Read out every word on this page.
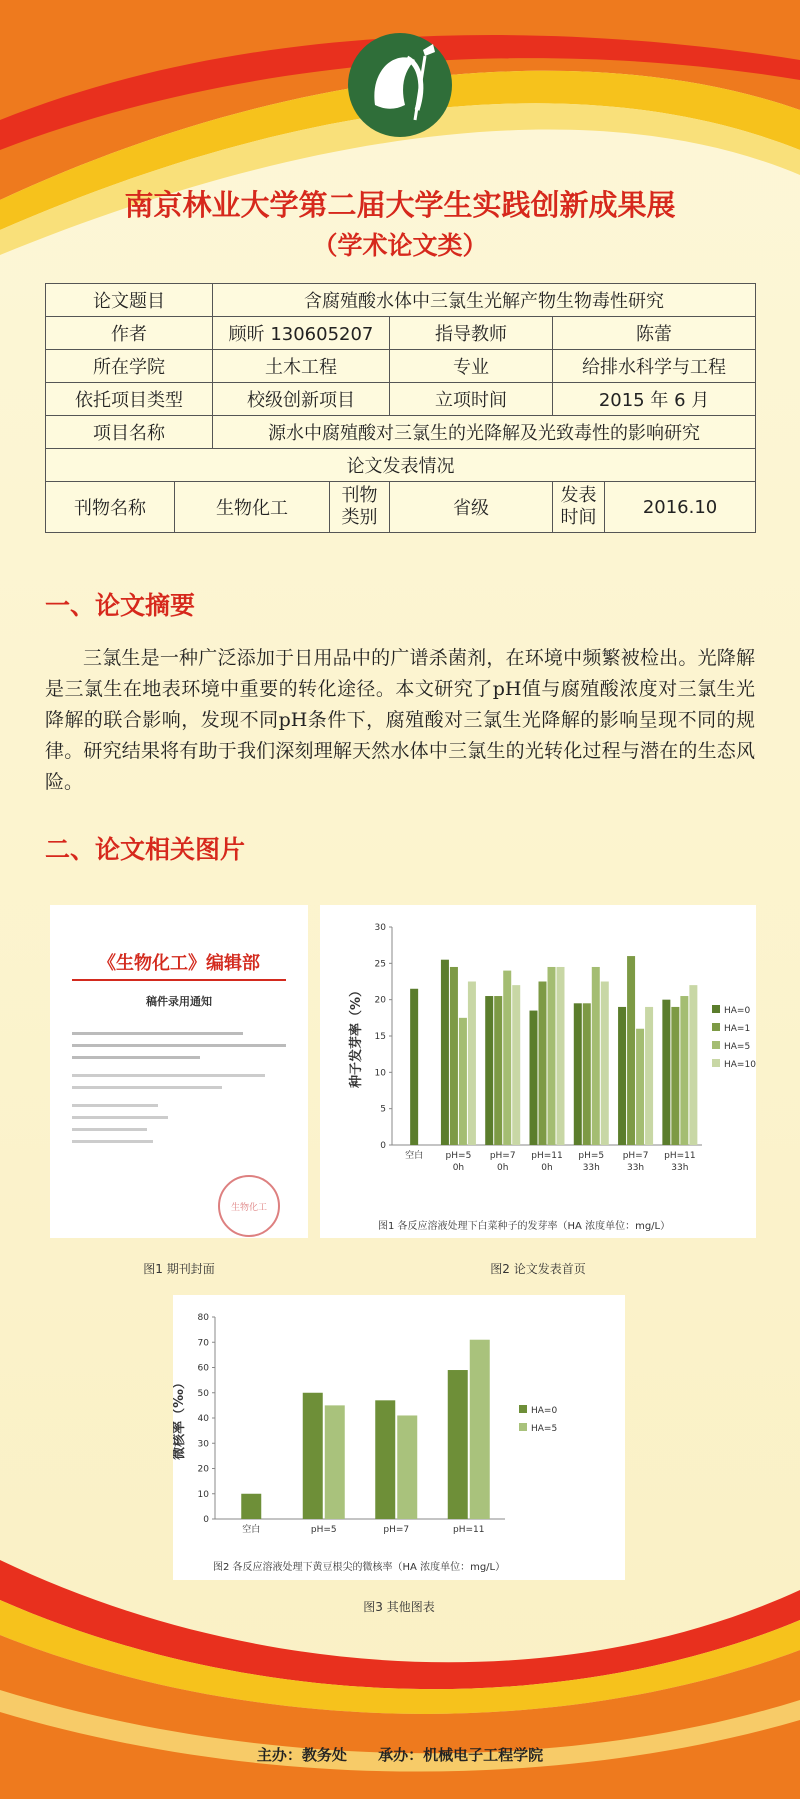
南京林业大学第二届大学生实践创新成果展
（学术论文类）
论文题目		含腐殖酸水体中三氯生光解产物生物毒性研究				
作者		顾昕 130605207		指导教师	陈蕾	
所在学院		土木工程		专业	给排水科学与工程	
依托项目类型		校级创新项目		立项时间	2015 年 6 月	
项目名称		源水中腐殖酸对三氯生的光降解及光致毒性的影响研究				
论文发表情况						
刊物名称	生物化工		刊物类别	省级	发表时间	2016.10
一、论文摘要
三氯生是一种广泛添加于日用品中的广谱杀菌剂，在环境中频繁被检出。光降解是三氯生在地表环境中重要的转化途径。本文研究了pH值与腐殖酸浓度对三氯生光降解的联合影响，发现不同pH条件下，腐殖酸对三氯生光降解的影响呈现不同的规律。研究结果将有助于我们深刻理解天然水体中三氯生的光转化过程与潜在的生态风险。
二、论文相关图片
《生物化工》编辑部
稿件录用通知
生物化工
图1 期刊封面
0
5
10
15
20
25
30
种子发芽率（%）
空白 pH=5
0h
pH=7
0h
pH=11
0h
pH=5
33h
pH=7
33h
pH=11
33h
HA=0
HA=1
HA=5
HA=10
图1 各反应溶液处理下白菜种子的发芽率（HA 浓度单位：mg/L）
图2 论文发表首页
0
10
20
30
40
50
60
70
80
微核率（‰）
空白	pH=5	pH=7	pH=11
HA=0
HA=5
图2 各反应溶液处理下黄豆根尖的微核率（HA 浓度单位：mg/L）
图3 其他图表
主办：教务处      承办：机械电子工程学院
